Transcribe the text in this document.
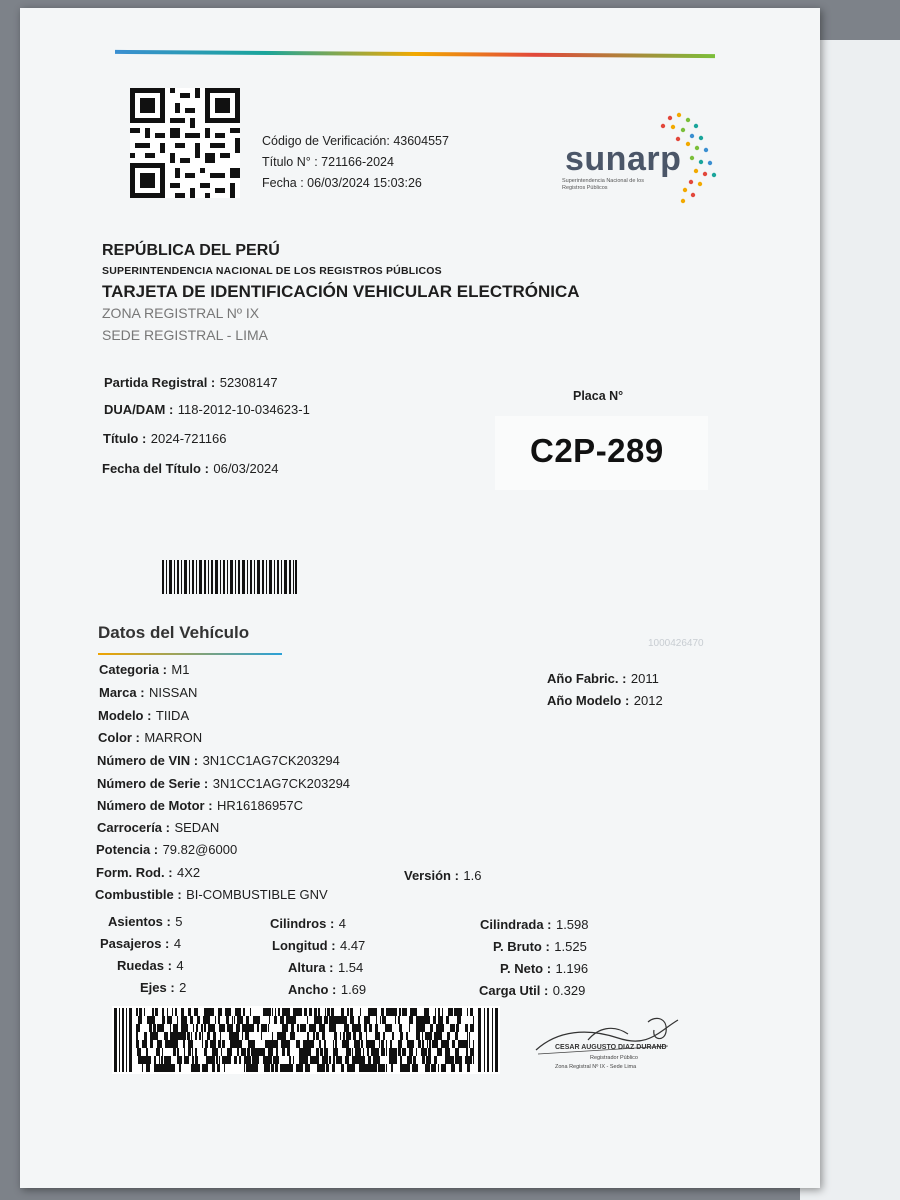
Código de Verificación: 43604557
Título N° : 721166-2024
Fecha : 06/03/2024 15:03:26
sunarp
Superintendencia Nacional de los Registros Públicos
REPÚBLICA DEL PERÚ
SUPERINTENDENCIA NACIONAL DE LOS REGISTROS PÚBLICOS
TARJETA DE IDENTIFICACIÓN VEHICULAR ELECTRÓNICA
ZONA REGISTRAL Nº IX
SEDE REGISTRAL - LIMA
Partida Registral : 52308147
DUA/DAM : 118-2012-10-034623-1
Título : 2024-721166
Fecha del Título : 06/03/2024
Placa N°
C2P-289
Datos del Vehículo
1000426470
Categoria : M1
Marca : NISSAN
Modelo : TIIDA
Color : MARRON
Número de VIN : 3N1CC1AG7CK203294
Número de Serie : 3N1CC1AG7CK203294
Número de Motor : HR16186957C
Carrocería : SEDAN
Potencia : 79.82@6000
Form. Rod. : 4X2	Versión : 1.6
Combustible : BI-COMBUSTIBLE GNV
Año Fabric. : 2011
Año Modelo : 2012
Asientos : 5
Pasajeros : 4
Ruedas : 4
Ejes : 2
Cilindros : 4
Longitud : 4.47
Altura : 1.54
Ancho : 1.69
Cilindrada : 1.598
P. Bruto : 1.525
P. Neto : 1.196
Carga Util : 0.329
CESAR AUGUSTO DIAZ DURAND
Registrador Público
Zona Registral Nº IX - Sede Lima
